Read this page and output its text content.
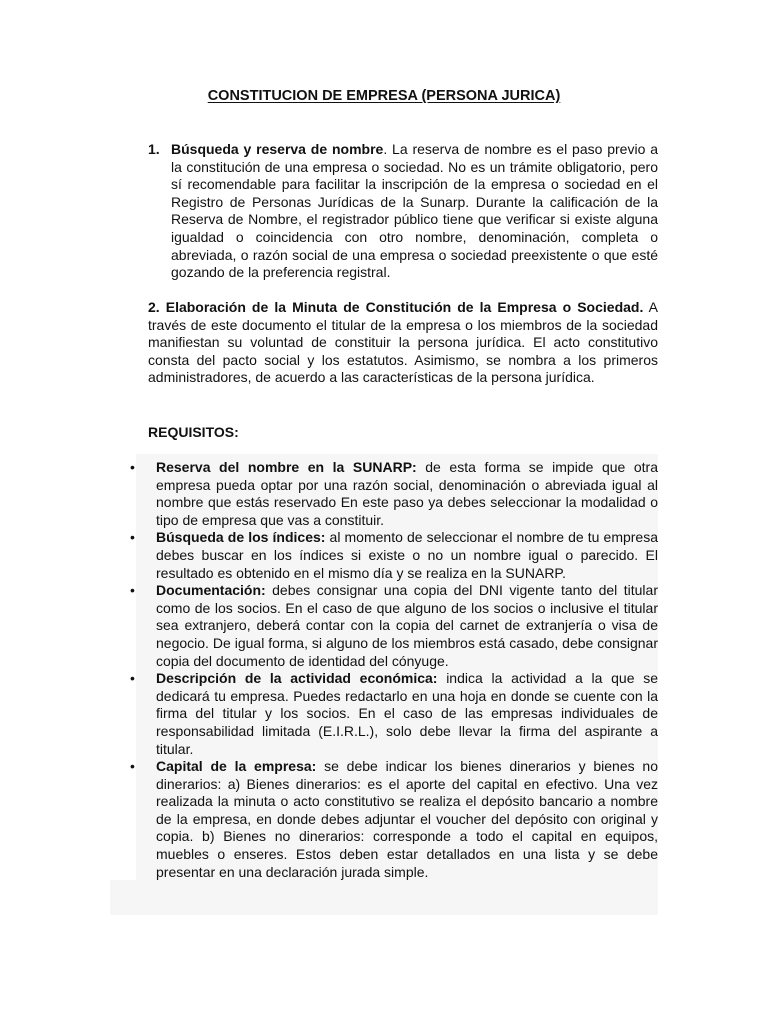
CONSTITUCION DE EMPRESA (PERSONA JURICA)
1. Búsqueda y reserva de nombre. La reserva de nombre es el paso previo a la constitución de una empresa o sociedad. No es un trámite obligatorio, pero sí recomendable para facilitar la inscripción de la empresa o sociedad en el Registro de Personas Jurídicas de la Sunarp. Durante la calificación de la Reserva de Nombre, el registrador público tiene que verificar si existe alguna igualdad o coincidencia con otro nombre, denominación, completa o abreviada, o razón social de una empresa o sociedad preexistente o que esté gozando de la preferencia registral.

2. Elaboración de la Minuta de Constitución de la Empresa o Sociedad. A través de este documento el titular de la empresa o los miembros de la sociedad manifiestan su voluntad de constituir la persona jurídica. El acto constitutivo consta del pacto social y los estatutos. Asimismo, se nombra a los primeros administradores, de acuerdo a las características de la persona jurídica.

REQUISITOS:
• Reserva del nombre en la SUNARP: de esta forma se impide que otra empresa pueda optar por una razón social, denominación o abreviada igual al nombre que estás reservado En este paso ya debes seleccionar la modalidad o tipo de empresa que vas a constituir.

• Búsqueda de los índices: al momento de seleccionar el nombre de tu empresa debes buscar en los índices si existe o no un nombre igual o parecido. El resultado es obtenido en el mismo día y se realiza en la SUNARP.

• Documentación: debes consignar una copia del DNI vigente tanto del titular como de los socios. En el caso de que alguno de los socios o inclusive el titular sea extranjero, deberá contar con la copia del carnet de extranjería o visa de negocio. De igual forma, si alguno de los miembros está casado, debe consignar copia del documento de identidad del cónyuge.

• Descripción de la actividad económica: indica la actividad a la que se dedicará tu empresa. Puedes redactarlo en una hoja en donde se cuente con la firma del titular y los socios. En el caso de las empresas individuales de responsabilidad limitada (E.I.R.L.), solo debe llevar la firma del aspirante a titular.

• Capital de la empresa: se debe indicar los bienes dinerarios y bienes no dinerarios: a) Bienes dinerarios: es el aporte del capital en efectivo. Una vez realizada la minuta o acto constitutivo se realiza el depósito bancario a nombre de la empresa, en donde debes adjuntar el voucher del depósito con original y copia. b) Bienes no dinerarios: corresponde a todo el capital en equipos, muebles o enseres. Estos deben estar detallados en una lista y se debe presentar en una declaración jurada simple.
